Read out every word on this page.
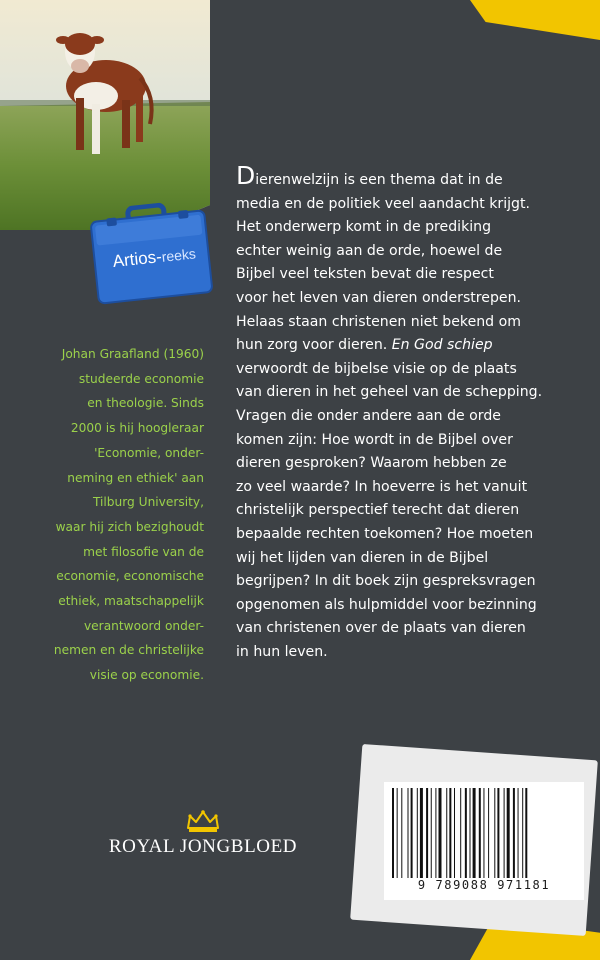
Artios-reeks
Johan Graafland (1960)
studeerde economie
en theologie. Sinds
2000 is hij hoogleraar
'Economie, onder-
neming en ethiek' aan
Tilburg University,
waar hij zich bezighoudt
met filosofie van de
economie, economische
ethiek, maatschappelijk
verantwoord onder-
nemen en de christelijke
visie op economie.
Dierenwelzijn is een thema dat in de
media en de politiek veel aandacht krijgt.
Het onderwerp komt in de prediking
echter weinig aan de orde, hoewel de
Bijbel veel teksten bevat die respect
voor het leven van dieren onderstrepen.
Helaas staan christenen niet bekend om
hun zorg voor dieren. En God schiep
verwoordt de bijbelse visie op de plaats
van dieren in het geheel van de schepping.
Vragen die onder andere aan de orde
komen zijn: Hoe wordt in de Bijbel over
dieren gesproken? Waarom hebben ze
zo veel waarde? In hoeverre is het vanuit
christelijk perspectief terecht dat dieren
bepaalde rechten toekomen? Hoe moeten
wij het lijden van dieren in de Bijbel
begrijpen? In dit boek zijn gespreksvragen
opgenomen als hulpmiddel voor bezinning
van christenen over de plaats van dieren
in hun leven.
ROYAL JONGBLOED
9 789088 971181
